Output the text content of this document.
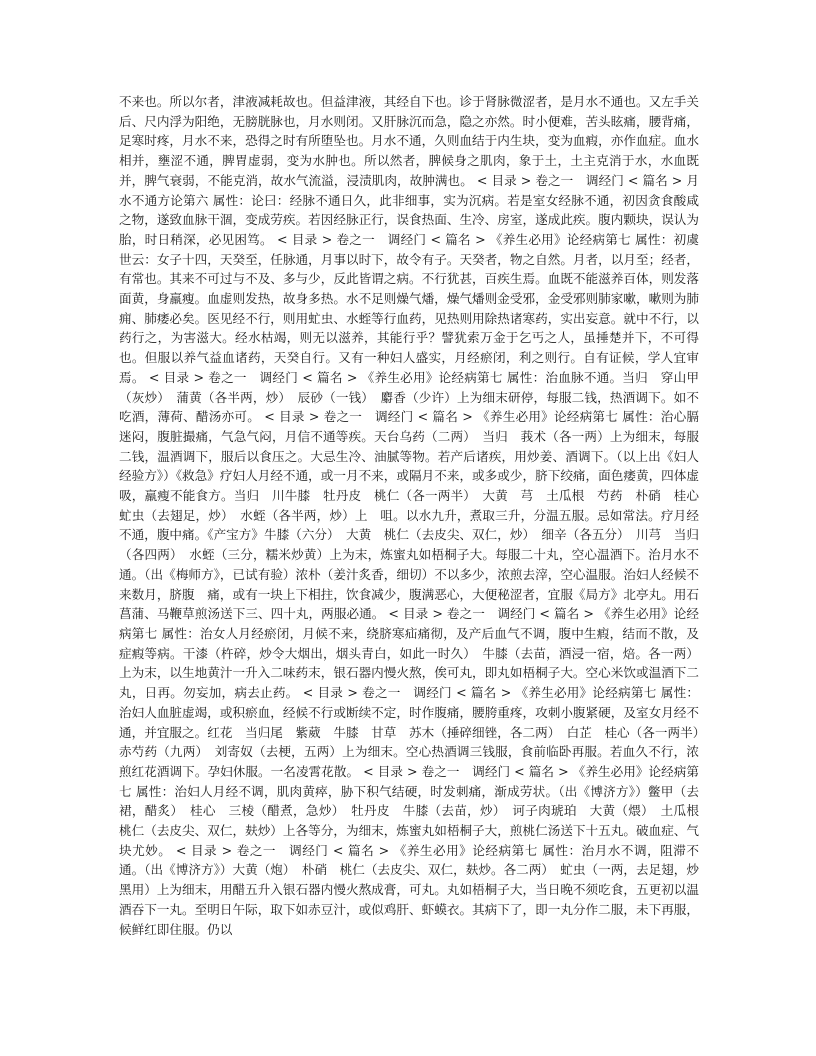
不来也。所以尔者，津液减耗故也。但益津液，其经自下也。诊于肾脉微涩者，是月水不通也。又左手关后、尺内浮为阳绝，无膀胱脉也，月水则闭。又肝脉沉而急，隐之亦然。时小便难，苦头眩痛，腰背痛，足寒时疼，月水不来，恐得之时有所堕坠也。月水不通，久则血结于内生块，变为血瘕，亦作血症。血水相并，壅涩不通，脾胃虚弱，变为水肿也。所以然者，脾候身之肌肉，象于土，土主克消于水，水血既并，脾气衰弱，不能克消，故水气流溢，浸渍肌肉，故肿满也。 < 目录 > 卷之一　调经门 < 篇名 > 月水不通方论第六 属性：论曰：经脉不通日久，此非细事，实为沉病。若是室女经脉不通，初因贪食酸咸之物，遂致血脉干涸，变成劳疾。若因经脉正行，误食热面、生冷、房室，遂成此疾。腹内颗块，误认为胎，时日稍深，必见困笃。 < 目录 > 卷之一　调经门 < 篇名 > 《养生必用》论经病第七 属性：初虞世云：女子十四，天癸至，任脉通，月事以时下，故令有子。天癸者，物之自然。月者，以月至；经者，有常也。其来不可过与不及、多与少，反此皆谓之病。不行犹甚，百疾生焉。血既不能滋养百体，则发落面黄，身羸瘦。血虚则发热，故身多热。水不足则燥气燔，燥气燔则金受邪，金受邪则肺家嗽，嗽则为肺痈、肺痿必矣。医见经不行，则用虻虫、水蛭等行血药，见热则用除热诸寒药，实出妄意。就中不行，以药行之，为害滋大。经水枯竭，则无以滋养，其能行乎？譬犹索万金于乞丐之人，虽捶楚并下，不可得也。但服以养气益血诸药，天癸自行。又有一种妇人盛实，月经瘀闭，利之则行。自有证候，学人宜审焉。 < 目录 > 卷之一　调经门 < 篇名 > 《养生必用》论经病第七 属性：治血脉不通。当归　穿山甲（灰炒）　蒲黄（各半两，炒）　辰砂（一钱）　麝香（少许）上为细末研停，每服二钱，热酒调下。如不吃酒，薄荷、醋汤亦可。 < 目录 > 卷之一　调经门 < 篇名 > 《养生必用》论经病第七 属性：治心膈迷闷，腹脏撮痛，气急气闷，月信不通等疾。天台乌药（二两）　当归　莪术（各一两）上为细末，每服二钱，温酒调下，服后以食压之。大忌生冷、油腻等物。若产后诸疾，用炒姜、酒调下。（以上出《妇人经验方》）《救急》疗妇人月经不通，或一月不来，或隔月不来，或多或少，脐下绞痛，面色痿黄，四体虚吸，羸瘦不能食方。当归　川牛膝　牡丹皮　桃仁（各一两半）　大黄　芎　土瓜根　芍药　朴硝　桂心虻虫（去翅足，炒）　水蛭（各半两，炒）上　咀。以水九升，煮取三升，分温五服。忌如常法。疗月经不通，腹中痛。《产宝方》牛膝（六分）　大黄　桃仁（去皮尖、双仁，炒）　细辛（各五分）　川芎　当归（各四两）　水蛭（三分，糯米炒黄）上为末，炼蜜丸如梧桐子大。每服二十丸，空心温酒下。治月水不通。（出《梅师方》，已试有验）浓朴（姜汁炙香，细切）不以多少，浓煎去滓，空心温服。治妇人经候不来数月，脐腹　痛，或有一块上下相拄，饮食减少，腹满恶心，大便秘涩者，宜服《局方》北亭丸。用石菖蒲、马鞭草煎汤送下三、四十丸，两服必通。 < 目录 > 卷之一　调经门 < 篇名 > 《养生必用》论经病第七 属性：治女人月经瘀闭，月候不来，绕脐寒疝痛彻，及产后血气不调，腹中生瘕，结而不散，及症瘕等病。干漆（杵碎，炒令大烟出，烟头青白，如此一时久）　牛膝（去苗，酒浸一宿，焙。各一两）上为末，以生地黄汁一升入二味药末，银石器内慢火熬，俟可丸，即丸如梧桐子大。空心米饮或温酒下二丸，日再。勿妄加，病去止药。 < 目录 > 卷之一　调经门 < 篇名 > 《养生必用》论经病第七 属性：治妇人血脏虚竭，或积瘀血，经候不行或断续不定，时作腹痛，腰胯重疼，攻刺小腹紧硬，及室女月经不通，并宜服之。红花　当归尾　紫葳　牛膝　甘草　苏木（捶碎细锉，各二两）　白芷　桂心（各一两半）　赤芍药（九两）　刘寄奴（去梗，五两）上为细末。空心热酒调三钱服，食前临卧再服。若血久不行，浓煎红花酒调下。孕妇休服。一名凌霄花散。 < 目录 > 卷之一　调经门 < 篇名 > 《养生必用》论经病第七 属性：治妇人月经不调，肌肉黄瘁，胁下积气结硬，时发刺痛，渐成劳状。（出《博济方》）鳖甲（去裙，醋炙）　桂心　三棱（醋煮，急炒）　牡丹皮　牛膝（去苗，炒）　诃子肉琥珀　大黄（煨）　土瓜根　桃仁（去皮尖、双仁，麸炒）上各等分，为细末，炼蜜丸如梧桐子大，煎桃仁汤送下十五丸。破血症、气块尤妙。 < 目录 > 卷之一　调经门 < 篇名 > 《养生必用》论经病第七 属性：治月水不调，阻滞不通。（出《博济方》）大黄（炮）　朴硝　桃仁（去皮尖、双仁，麸炒。各二两）　虻虫（一两，去足翅，炒黑用）上为细末，用醋五升入银石器内慢火熬成膏，可丸。丸如梧桐子大，当日晚不须吃食，五更初以温酒吞下一丸。至明日午际，取下如赤豆汁，或似鸡肝、虾蟆衣。其病下了，即一丸分作二服，未下再服，候鲜红即住服。仍以
